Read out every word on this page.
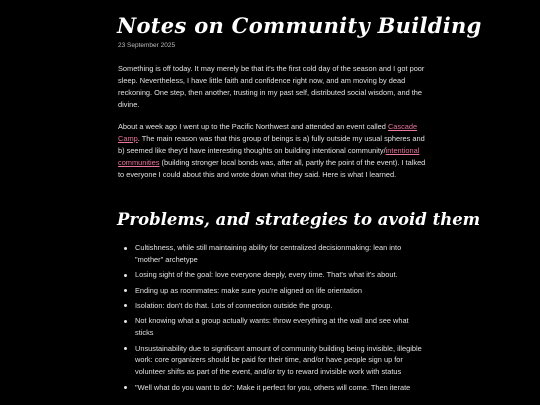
Notes on Community Building
23 September 2025

Something is off today. It may merely be that it's the first cold day of the season and I got poor sleep. Nevertheless, I have little faith and confidence right now, and am moving by dead reckoning. One step, then another, trusting in my past self, distributed social wisdom, and the divine.

About a week ago I went up to the Pacific Northwest and attended an event called Cascade Camp. The main reason was that this group of beings is a) fully outside my usual spheres and b) seemed like they'd have interesting thoughts on building intentional community/intentional communities (building stronger local bonds was, after all, partly the point of the event). I talked to everyone I could about this and wrote down what they said. Here is what I learned.

Problems, and strategies to avoid them
Cultishness, while still maintaining ability for centralized decisionmaking: lean into "mother" archetype
Losing sight of the goal: love everyone deeply, every time. That's what it's about.
Ending up as roommates: make sure you're aligned on life orientation
Isolation: don't do that. Lots of connection outside the group.
Not knowing what a group actually wants: throw everything at the wall and see what sticks
Unsustainability due to significant amount of community building being invisible, illegible work: core organizers should be paid for their time, and/or have people sign up for volunteer shifts as part of the event, and/or try to reward invisible work with status
"Well what do you want to do": Make it perfect for you, others will come. Then iterate
